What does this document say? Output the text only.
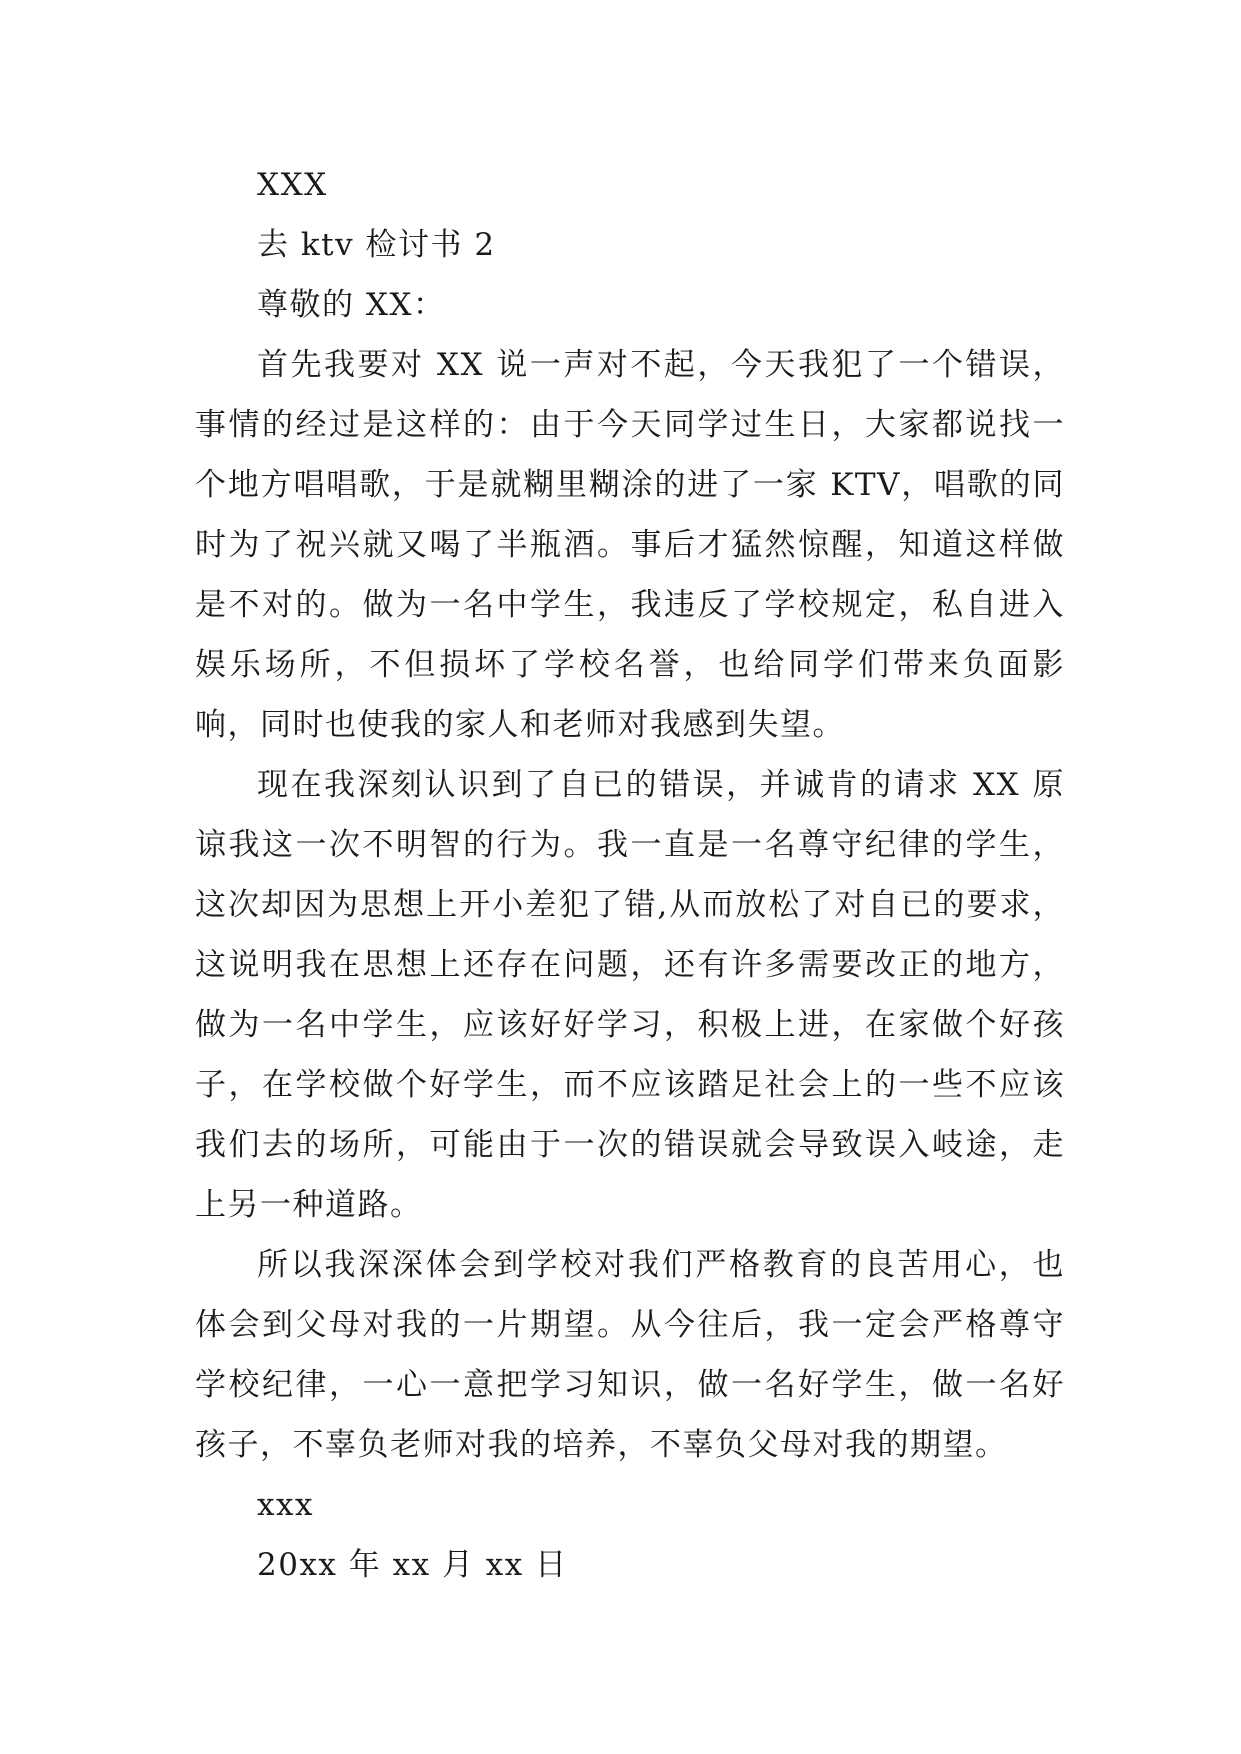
XXX

去 ktv 检讨书 2

尊敬的 XX：

首先我要对 XX 说一声对不起，今天我犯了一个错误，事情的经过是这样的：由于今天同学过生日，大家都说找一个地方唱唱歌，于是就糊里糊涂的进了一家 KTV，唱歌的同时为了祝兴就又喝了半瓶酒。事后才猛然惊醒，知道这样做是不对的。做为一名中学生，我违反了学校规定，私自进入娱乐场所，不但损坏了学校名誉，也给同学们带来负面影响，同时也使我的家人和老师对我感到失望。

现在我深刻认识到了自已的错误，并诚肯的请求 XX 原谅我这一次不明智的行为。我一直是一名尊守纪律的学生，这次却因为思想上开小差犯了错,从而放松了对自已的要求，这说明我在思想上还存在问题，还有许多需要改正的地方，做为一名中学生，应该好好学习，积极上进，在家做个好孩子，在学校做个好学生，而不应该踏足社会上的一些不应该我们去的场所，可能由于一次的错误就会导致误入岐途，走上另一种道路。

所以我深深体会到学校对我们严格教育的良苦用心，也体会到父母对我的一片期望。从今往后，我一定会严格尊守学校纪律，一心一意把学习知识，做一名好学生，做一名好孩子，不辜负老师对我的培养，不辜负父母对我的期望。

xxx

20xx 年 xx 月 xx 日
